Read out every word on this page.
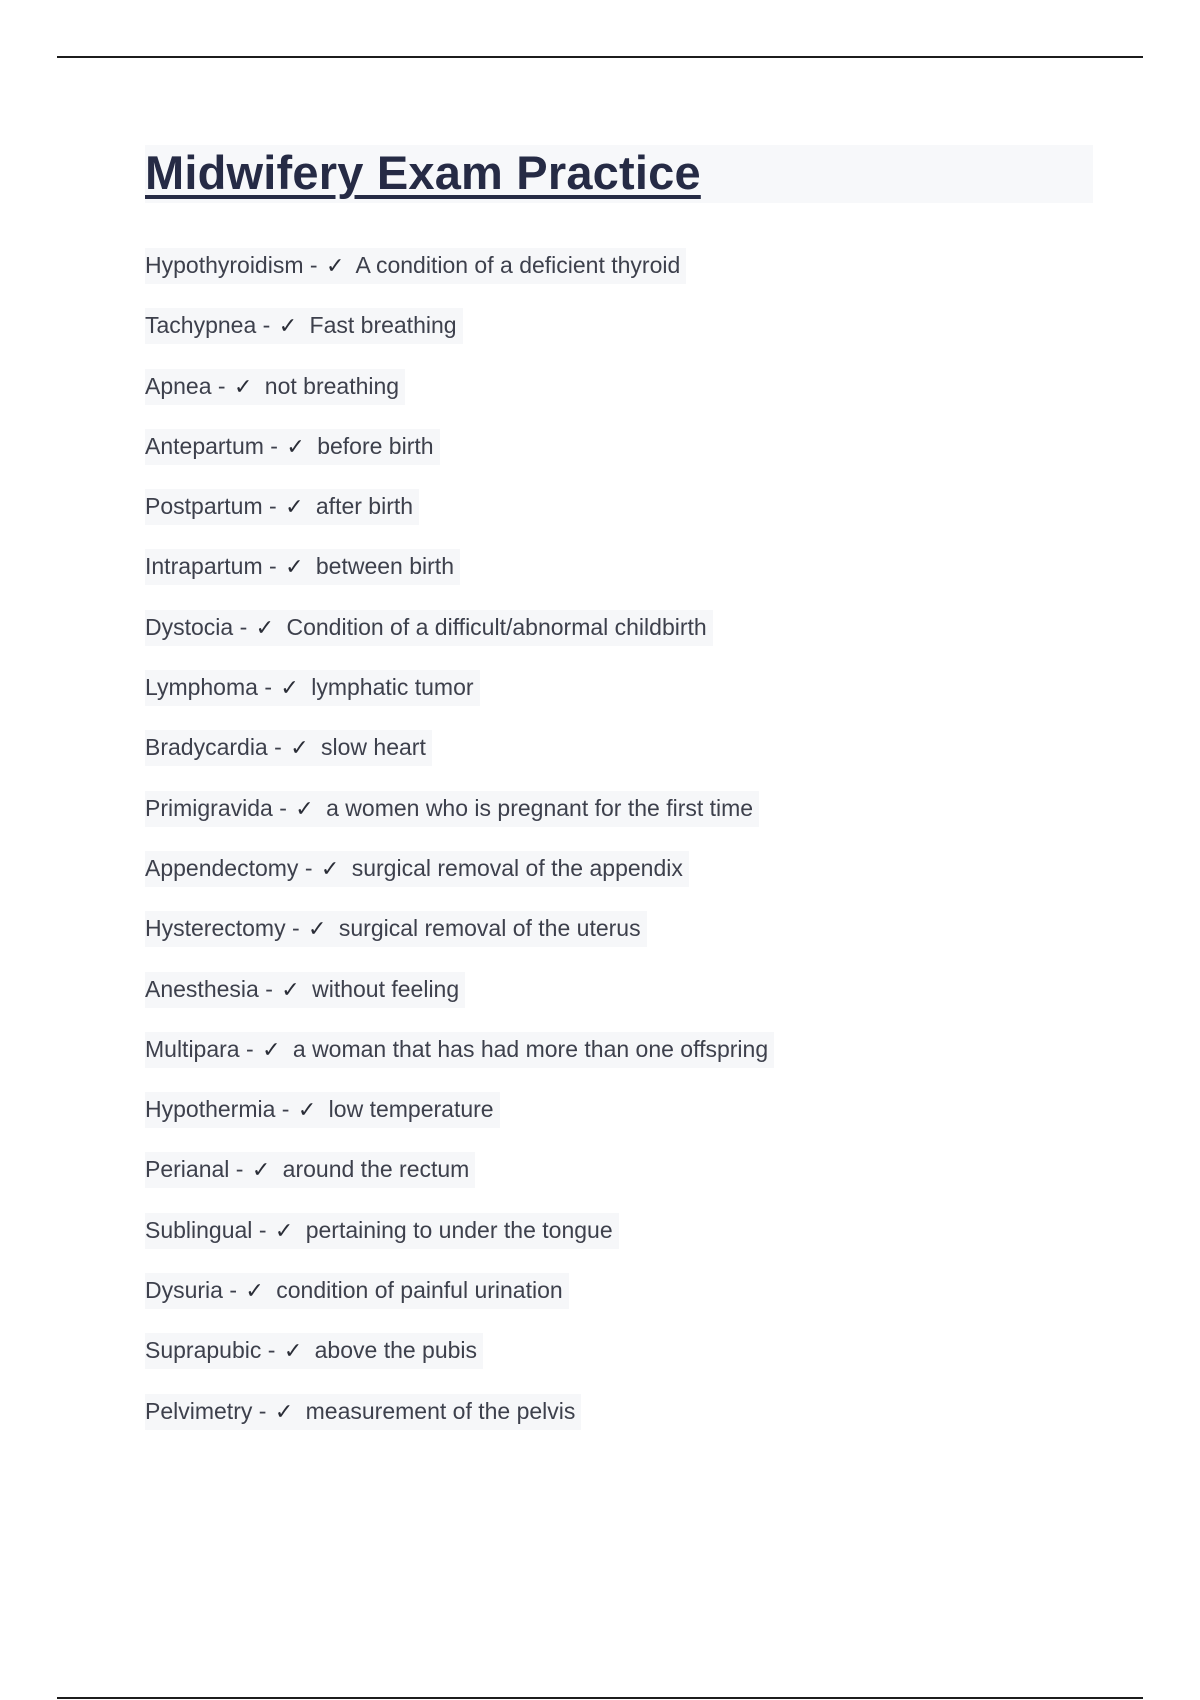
Midwifery Exam Practice
Hypothyroidism - ✓ A condition of a deficient thyroid
Tachypnea - ✓ Fast breathing
Apnea - ✓ not breathing
Antepartum - ✓ before birth
Postpartum - ✓ after birth
Intrapartum - ✓ between birth
Dystocia - ✓ Condition of a difficult/abnormal childbirth
Lymphoma - ✓ lymphatic tumor
Bradycardia - ✓ slow heart
Primigravida - ✓ a women who is pregnant for the first time
Appendectomy - ✓ surgical removal of the appendix
Hysterectomy - ✓ surgical removal of the uterus
Anesthesia - ✓ without feeling
Multipara - ✓ a woman that has had more than one offspring
Hypothermia - ✓ low temperature
Perianal - ✓ around the rectum
Sublingual - ✓ pertaining to under the tongue
Dysuria - ✓ condition of painful urination
Suprapubic - ✓ above the pubis
Pelvimetry - ✓ measurement of the pelvis
